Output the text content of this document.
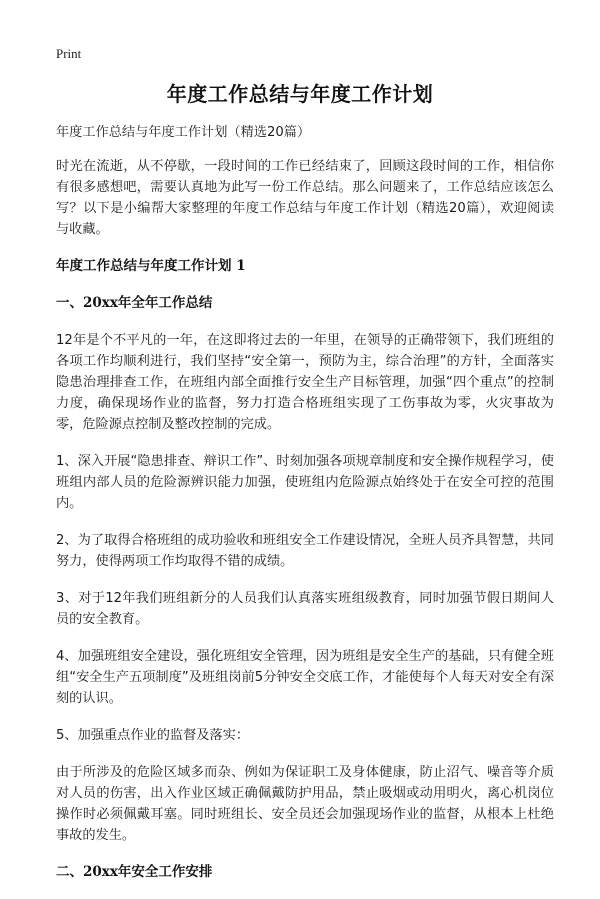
Print
年度工作总结与年度工作计划

年度工作总结与年度工作计划（精选20篇）

时光在流逝，从不停歇，一段时间的工作已经结束了，回顾这段时间的工作，相信你有很多感想吧，需要认真地为此写一份工作总结。那么问题来了，工作总结应该怎么写？以下是小编帮大家整理的年度工作总结与年度工作计划（精选20篇），欢迎阅读与收藏。

年度工作总结与年度工作计划 1

一、20xx年全年工作总结

12年是个不平凡的一年，在这即将过去的一年里，在领导的正确带领下，我们班组的各项工作均顺利进行，我们坚持“安全第一，预防为主，综合治理”的方针，全面落实隐患治理排查工作，在班组内部全面推行安全生产目标管理，加强“四个重点”的控制力度，确保现场作业的监督，努力打造合格班组实现了工伤事故为零，火灾事故为零，危险源点控制及整改控制的完成。

1、深入开展“隐患排查、辩识工作”、时刻加强各项规章制度和安全操作规程学习，使班组内部人员的危险源辨识能力加强，使班组内危险源点始终处于在安全可控的范围内。

2、为了取得合格班组的成功验收和班组安全工作建设情况，全班人员齐具智慧，共同努力，使得两项工作均取得不错的成绩。

3、对于12年我们班组新分的人员我们认真落实班组级教育，同时加强节假日期间人员的安全教育。

4、加强班组安全建设，强化班组安全管理，因为班组是安全生产的基础，只有健全班组“安全生产五项制度”及班组岗前5分钟安全交底工作，才能使每个人每天对安全有深刻的认识。

5、加强重点作业的监督及落实：

由于所涉及的危险区域多而杂、例如为保证职工及身体健康，防止沼气、噪音等介质对人员的伤害，出入作业区域正确佩戴防护用品，禁止吸烟或动用明火，离心机岗位操作时必须佩戴耳塞。同时班组长、安全员还会加强现场作业的监督，从根本上杜绝事故的发生。

二、20xx年安全工作安排
